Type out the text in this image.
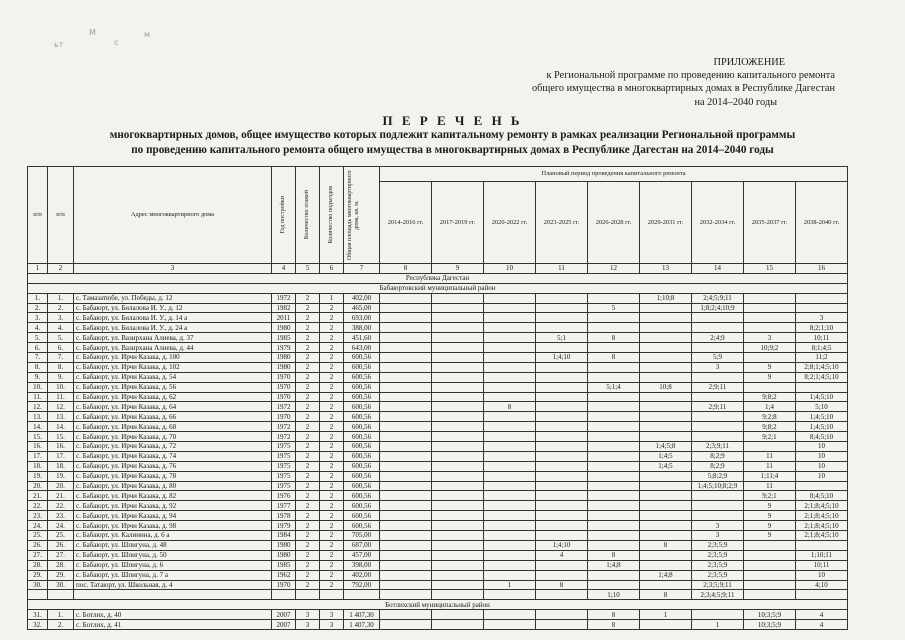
М
ьт	с
м
ПРИЛОЖЕНИЕ
к Региональной программе по проведению капитального ремонта
общего имущества в многоквартирных домах в Республике Дагестан
на 2014–2040 годы
П Е Р Е Ч Е Н Ь
многоквартирных домов, общее имущество которых подлежит капитальному ремонту в рамках реализации Региональной программы
по проведению капитального ремонта общего имущества в многоквартирных домах в Республике Дагестан на 2014–2040 годы
п/п	п/п	Адрес многоквартирного дома	Год постройки	Количество этажей	Количество подъездов	Общая площадь многоквартирного дома, кв. м.	Плановый период проведения капитального ремонта								
							2014-2016 гг.	2017-2019 гг.	2020-2022 гг.	2023-2025 гг.	2026-2028 гг.	2029-2031 гг.	2032-2034 гг.	2035-2037 гг.	2038-2040 гг.
1	2	3	4	5	6	7	8	9	10	11	12	13	14	15	16
Республика Дагестан															
Бабаюртовский муниципальный район															
1.	1.	с. Тамазатюбе, ул. Победы, д. 12	1972	2	1	402,00						1;10;8	2;4;5;9;11		
2.	2.	с. Бабаюрт, ул. Билалова И. У., д. 12	1982	2	2	465,00					5		1;8;2;4;10;9		
3.	3.	с. Бабаюрт, ул. Билалова И. У., д. 14 а	2011	2	2	693,00									3
4.	4.	с. Бабаюрт, ул. Билалова И. У., д. 24 а	1980	2	2	388,00									8;2;1;10
5.	5.	с. Бабаюрт, ул. Вазирхана Алиева, д. 37	1985	2	2	451,60				5;1	8		2;4;9	3	10;11
6.	6.	с. Бабаюрт, ул. Вазирхана Алиева, д. 44	1979	2	2	643,00								10;9;2	8;1;4;5
7.	7.	с. Бабаюрт, ул. Ирчи Казака, д. 100	1980	2	2	600,56				1;4;10	8		5;9		11;2
8.	8.	с. Бабаюрт, ул. Ирчи Казака, д. 102	1980	2	2	600,56							3	9	2;8;1;4;5;10
9.	9.	с. Бабаюрт, ул. Ирчи Казака, д. 54	1970	2	2	600,56								9	8;2;1;4;5;10
10.	10.	с. Бабаюрт, ул. Ирчи Казака, д. 56	1970	2	2	600,56					5;1;4	10;8	2;9;11		
11.	11.	с. Бабаюрт, ул. Ирчи Казака, д. 62	1970	2	2	600,56								9;8;2	1;4;5;10
12.	12.	с. Бабаюрт, ул. Ирчи Казака, д. 64	1972	2	2	600,56			8				2;9;11	1;4	5;10
13.	13.	с. Бабаюрт, ул. Ирчи Казака, д. 66	1970	2	2	600,56								9;2;8	1;4;5;10
14.	14.	с. Бабаюрт, ул. Ирчи Казака, д. 68	1972	2	2	600,56								9;8;2	1;4;5;10
15.	15.	с. Бабаюрт, ул. Ирчи Казака, д. 70	1972	2	2	600,56								9;2;1	8;4;5;10
16.	16.	с. Бабаюрт, ул. Ирчи Казака, д. 72	1975	2	2	600,56						1;4;5;8	2;3;9;11		10
17.	17.	с. Бабаюрт, ул. Ирчи Казака, д. 74	1975	2	2	600,56						1;4;5	8;2;9	11	10
18.	18.	с. Бабаюрт, ул. Ирчи Казака, д. 76	1975	2	2	600,56						1;4;5	8;2;9	11	10
19.	19.	с. Бабаюрт, ул. Ирчи Казака, д. 78	1975	2	2	600,56							5;8;2;9	1;11;4	10
20.	20.	с. Бабаюрт, ул. Ирчи Казака, д. 80	1975	2	2	600,56							1;4;5;10;8;2;9	11	
21.	21.	с. Бабаюрт, ул. Ирчи Казака, д. 82	1976	2	2	600,56								9;2;1	8;4;5;10
22.	22.	с. Бабаюрт, ул. Ирчи Казака, д. 92	1977	2	2	600,56								9	2;1;8;4;5;10
23.	23.	с. Бабаюрт, ул. Ирчи Казака, д. 94	1978	2	2	600,56								9	2;1;8;4;5;10
24.	24.	с. Бабаюрт, ул. Ирчи Казака, д. 98	1979	2	2	600,56							3	9	2;1;8;4;5;10
25.	25.	с. Бабаюрт, ул. Калинина, д. 6 а	1984	2	2	705,00							3	9	2;1;8;4;5;10
26.	26.	с. Бабаюрт, ул. Шпигуна, д. 48	1980	2	2	687,00				1;4;10		8	2;3;5;9		
27.	27.	с. Бабаюрт, ул. Шпигуна, д. 50	1980	2	2	457,00				4	8		2;3;5;9		1;10;11
28.	28.	с. Бабаюрт, ул. Шпигуна, д. 6	1985	2	2	398,00					1;4;8		2;3;5;9		10;11
29.	29.	с. Бабаюрт, ул. Шпигуна, д. 7 а	1962	2	2	402,00						1;4;8	2;3;5;9		10
30.	30.	пос. Татаюрт, ул. Школьная, д. 4	1970	2	2	792,00			1	8			2;3;5;9;11		4;10
											1;10	8	2;3;4;5;9;11		
Ботлихский муниципальный район															
31.	1.	с. Ботлих, д. 40	2007	3	3	1 407,30					8	1		10;3;5;9	4
32.	2.	с. Ботлих, д. 41	2007	3	3	1 407,30					8		1	10;3;5;9	4
